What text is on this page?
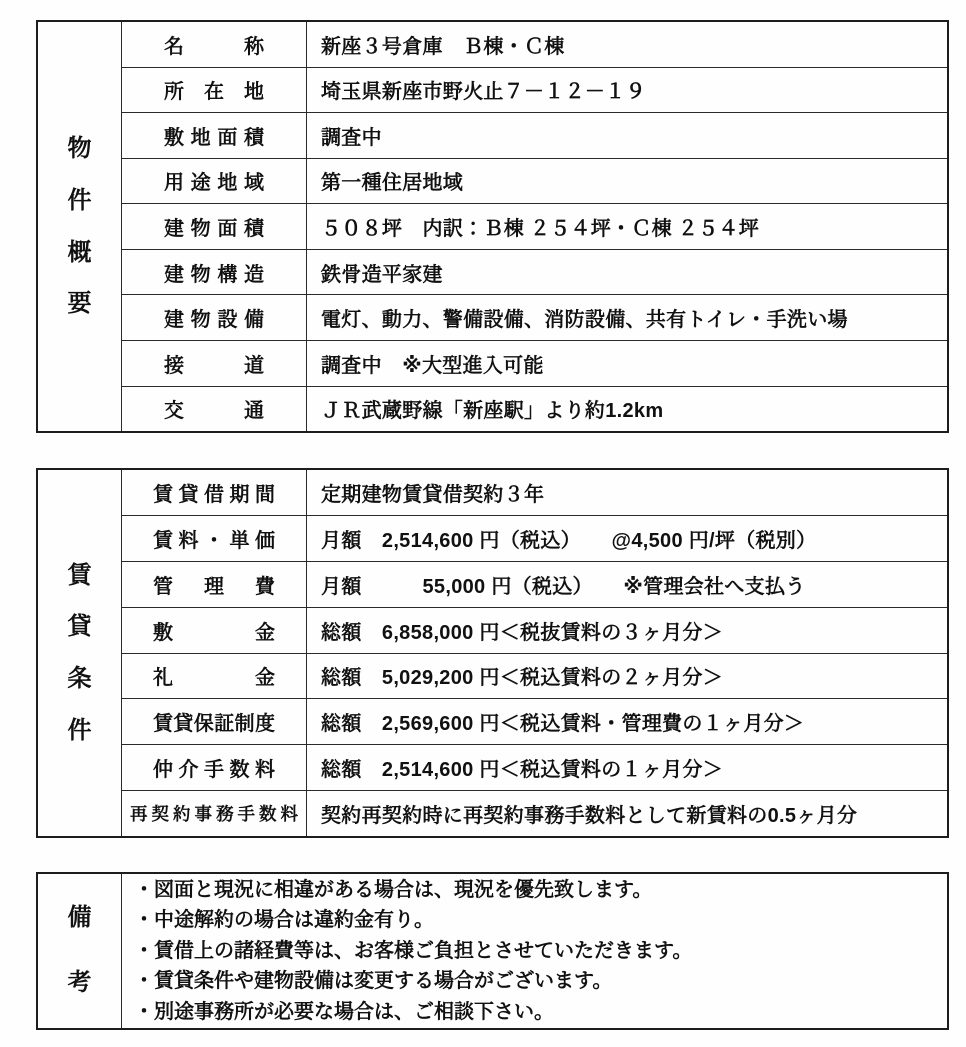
物件概要
名称	新座３号倉庫　Ｂ棟・Ｃ棟
所在地	埼玉県新座市野火止７－１２－１９
敷地面積	調査中
用途地域	第一種住居地域
建物面積	５０８坪　内訳：Ｂ棟 ２５４坪・Ｃ棟 ２５４坪
建物構造	鉄骨造平家建
建物設備	電灯、動力、警備設備、消防設備、共有トイレ・手洗い場
接道	調査中　※大型進入可能
交通	ＪＲ武蔵野線「新座駅」より約1.2km
賃貸条件
賃貸借期間	定期建物賃貸借契約３年
賃料・単価	月額　2,514,600 円（税込）　　@4,500 円/坪（税別）
管理費	月額　　　55,000 円（税込）　　※管理会社へ支払う
敷金	総額　6,858,000 円＜税抜賃料の３ヶ月分＞
礼金	総額　5,029,200 円＜税込賃料の２ヶ月分＞
賃貸保証制度	総額　2,569,600 円＜税込賃料・管理費の１ヶ月分＞
仲介手数料	総額　2,514,600 円＜税込賃料の１ヶ月分＞
再契約事務手数料	契約再契約時に再契約事務手数料として新賃料の0.5ヶ月分
備考
・図面と現況に相違がある場合は、現況を優先致します。
・中途解約の場合は違約金有り。
・賃借上の諸経費等は、お客様ご負担とさせていただきます。
・賃貸条件や建物設備は変更する場合がございます。
・別途事務所が必要な場合は、ご相談下さい。
